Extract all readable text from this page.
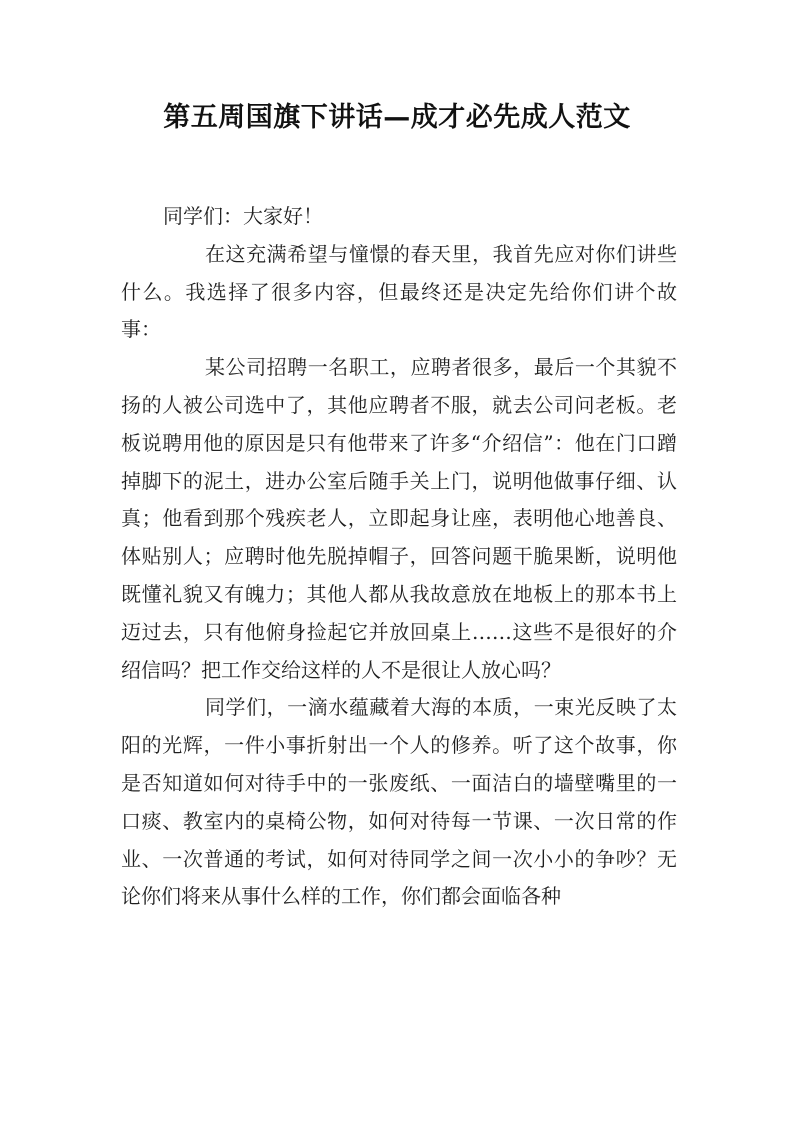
第五周国旗下讲话—成才必先成人范文

同学们：大家好！

在这充满希望与憧憬的春天里，我首先应对你们讲些什么。我选择了很多内容，但最终还是决定先给你们讲个故事：

某公司招聘一名职工，应聘者很多，最后一个其貌不扬的人被公司选中了，其他应聘者不服，就去公司问老板。老板说聘用他的原因是只有他带来了许多“介绍信”：他在门口蹭掉脚下的泥土，进办公室后随手关上门，说明他做事仔细、认真；他看到那个残疾老人，立即起身让座，表明他心地善良、体贴别人；应聘时他先脱掉帽子，回答问题干脆果断，说明他既懂礼貌又有魄力；其他人都从我故意放在地板上的那本书上迈过去，只有他俯身捡起它并放回桌上……这些不是很好的介绍信吗？把工作交给这样的人不是很让人放心吗？

同学们，一滴水蕴藏着大海的本质，一束光反映了太阳的光辉，一件小事折射出一个人的修养。听了这个故事，你是否知道如何对待手中的一张废纸、一面洁白的墙壁嘴里的一口痰、教室内的桌椅公物，如何对待每一节课、一次日常的作业、一次普通的考试，如何对待同学之间一次小小的争吵？无论你们将来从事什么样的工作，你们都会面临各种
